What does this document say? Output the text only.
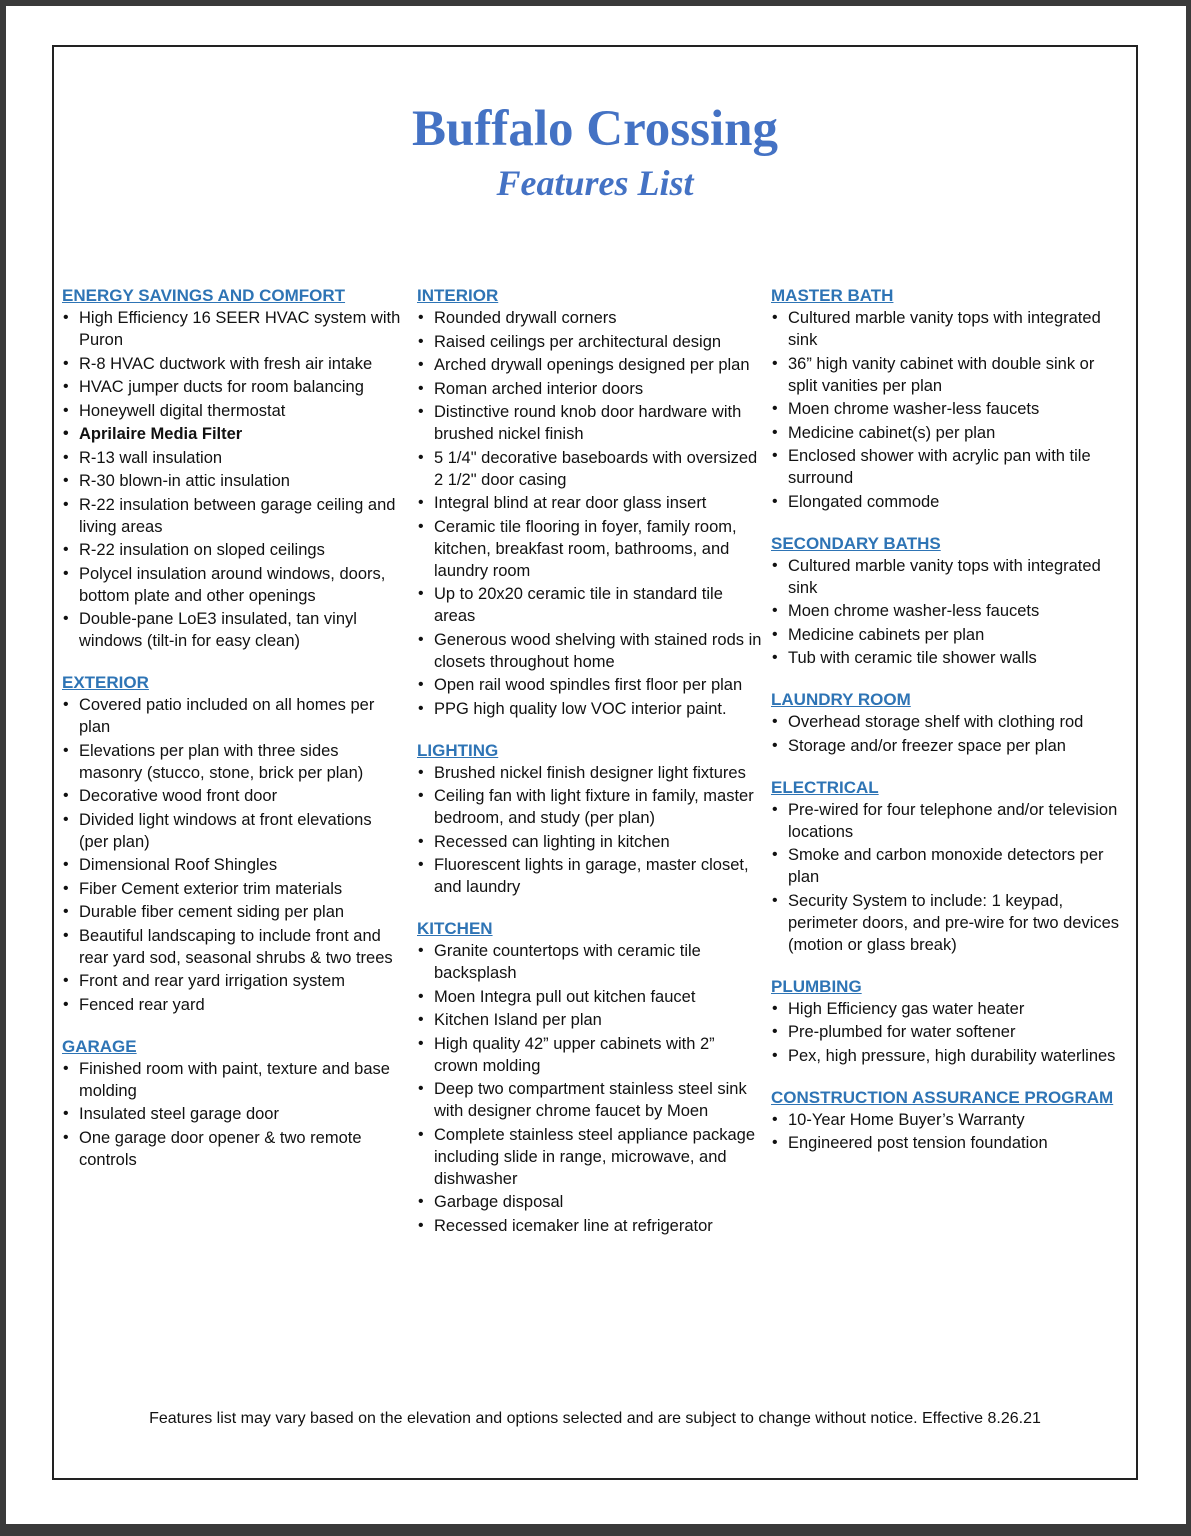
Buffalo Crossing
Features List
ENERGY SAVINGS AND COMFORT
• High Efficiency 16 SEER HVAC system with Puron
• R-8 HVAC ductwork with fresh air intake
• HVAC jumper ducts for room balancing
• Honeywell digital thermostat
• Aprilaire Media Filter
• R-13 wall insulation
• R-30 blown-in attic insulation
• R-22 insulation between garage ceiling and living areas
• R-22 insulation on sloped ceilings
• Polycel insulation around windows, doors, bottom plate and other openings
• Double-pane LoE3 insulated, tan vinyl windows (tilt-in for easy clean)
EXTERIOR
• Covered patio included on all homes per plan
• Elevations per plan with three sides masonry (stucco, stone, brick per plan)
• Decorative wood front door
• Divided light windows at front elevations (per plan)
• Dimensional Roof Shingles
• Fiber Cement exterior trim materials
• Durable fiber cement siding per plan
• Beautiful landscaping to include front and rear yard sod, seasonal shrubs & two trees
• Front and rear yard irrigation system
• Fenced rear yard
GARAGE
• Finished room with paint, texture and base molding
• Insulated steel garage door
• One garage door opener & two remote controls
INTERIOR
• Rounded drywall corners
• Raised ceilings per architectural design
• Arched drywall openings designed per plan
• Roman arched interior doors
• Distinctive round knob door hardware with brushed nickel finish
• 5 1/4" decorative baseboards with oversized 2 1/2" door casing
• Integral blind at rear door glass insert
• Ceramic tile flooring in foyer, family room, kitchen, breakfast room, bathrooms, and laundry room
• Up to 20x20 ceramic tile in standard tile areas
• Generous wood shelving with stained rods in closets throughout home
• Open rail wood spindles first floor per plan
• PPG high quality low VOC interior paint.
LIGHTING
• Brushed nickel finish designer light fixtures
• Ceiling fan with light fixture in family, master bedroom, and study (per plan)
• Recessed can lighting in kitchen
• Fluorescent lights in garage, master closet, and laundry
KITCHEN
• Granite countertops with ceramic tile backsplash
• Moen Integra pull out kitchen faucet
• Kitchen Island per plan
• High quality 42” upper cabinets with 2” crown molding
• Deep two compartment stainless steel sink with designer chrome faucet by Moen
• Complete stainless steel appliance package including slide in range, microwave, and dishwasher
• Garbage disposal
• Recessed icemaker line at refrigerator
MASTER BATH
• Cultured marble vanity tops with integrated sink
• 36” high vanity cabinet with double sink or split vanities per plan
• Moen chrome washer-less faucets
• Medicine cabinet(s) per plan
• Enclosed shower with acrylic pan with tile surround
• Elongated commode
SECONDARY BATHS
• Cultured marble vanity tops with integrated sink
• Moen chrome washer-less faucets
• Medicine cabinets per plan
• Tub with ceramic tile shower walls
LAUNDRY ROOM
• Overhead storage shelf with clothing rod
• Storage and/or freezer space per plan
ELECTRICAL
• Pre-wired for four telephone and/or television locations
• Smoke and carbon monoxide detectors per plan
• Security System to include: 1 keypad, perimeter doors, and pre-wire for two devices (motion or glass break)
PLUMBING
• High Efficiency gas water heater
• Pre-plumbed for water softener
• Pex, high pressure, high durability waterlines
CONSTRUCTION ASSURANCE PROGRAM
• 10-Year Home Buyer’s Warranty
• Engineered post tension foundation
Features list may vary based on the elevation and options selected and are subject to change without notice. Effective 8.26.21
